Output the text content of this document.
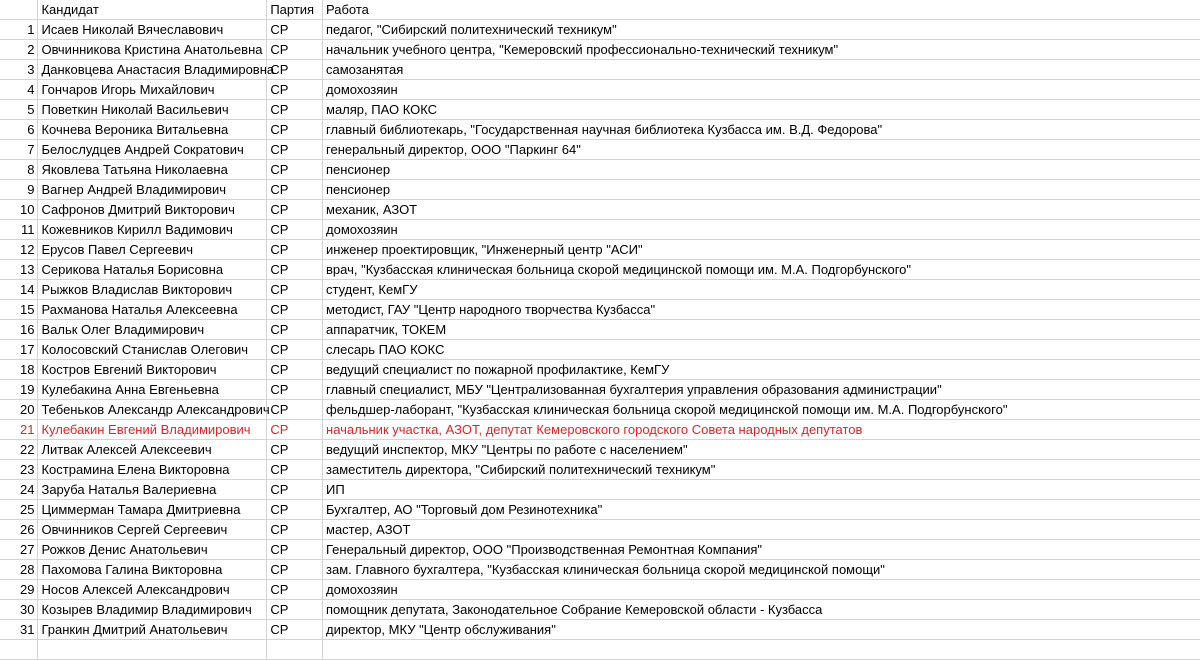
	Кандидат	Партия	Работа
1	Исаев Николай Вячеславович	СР	педагог, "Сибирский политехнический техникум"
2	Овчинникова Кристина Анатольевна	СР	начальник учебного центра, "Кемеровский профессионально-технический техникум"
3	Данковцева Анастасия Владимировна	СР	самозанятая
4	Гончаров Игорь Михайлович	СР	домохозяин
5	Поветкин Николай Васильевич	СР	маляр, ПАО КОКС
6	Кочнева Вероника Витальевна	СР	главный библиотекарь, "Государственная научная библиотека Кузбасса им. В.Д. Федорова"
7	Белослудцев Андрей Сократович	СР	генеральный директор, ООО "Паркинг 64"
8	Яковлева Татьяна Николаевна	СР	пенсионер
9	Вагнер Андрей Владимирович	СР	пенсионер
10	Сафронов Дмитрий Викторович	СР	механик, АЗОТ
11	Кожевников Кирилл Вадимович	СР	домохозяин
12	Ерусов Павел Сергеевич	СР	инженер проектировщик, "Инженерный центр "АСИ"
13	Серикова Наталья Борисовна	СР	врач, "Кузбасская клиническая больница скорой медицинской помощи им. М.А. Подгорбунского"
14	Рыжков Владислав Викторович	СР	студент, КемГУ
15	Рахманова Наталья Алексеевна	СР	методист, ГАУ "Центр народного творчества Кузбасса"
16	Вальк Олег Владимирович	СР	аппаратчик, ТОКЕМ
17	Колосовский Станислав Олегович	СР	слесарь ПАО КОКС
18	Костров Евгений Викторович	СР	ведущий специалист по пожарной профилактике, КемГУ
19	Кулебакина Анна Евгеньевна	СР	главный специалист, МБУ "Централизованная бухгалтерия управления образования администрации"
20	Тебеньков Александр Александрович	СР	фельдшер-лаборант, "Кузбасская клиническая больница скорой медицинской помощи им. М.А. Подгорбунского"
21	Кулебакин Евгений Владимирович	СР	начальник участка, АЗОТ, депутат Кемеровского городского Совета народных депутатов
22	Литвак Алексей Алексеевич	СР	ведущий инспектор, МКУ "Центры по работе с населением"
23	Кострамина Елена Викторовна	СР	заместитель директора, "Сибирский политехнический техникум"
24	Заруба Наталья Валериевна	СР	ИП
25	Циммерман Тамара Дмитриевна	СР	Бухгалтер, АО "Торговый дом Резинотехника"
26	Овчинников Сергей Сергеевич	СР	мастер, АЗОТ
27	Рожков Денис Анатольевич	СР	Генеральный директор, ООО "Производственная Ремонтная Компания"
28	Пахомова Галина Викторовна	СР	зам. Главного бухгалтера, "Кузбасская клиническая больница скорой медицинской помощи"
29	Носов Алексей Александрович	СР	домохозяин
30	Козырев Владимир Владимирович	СР	помощник депутата, Законодательное Собрание Кемеровской области - Кузбасса
31	Гранкин Дмитрий Анатольевич	СР	директор, МКУ "Центр обслуживания"
